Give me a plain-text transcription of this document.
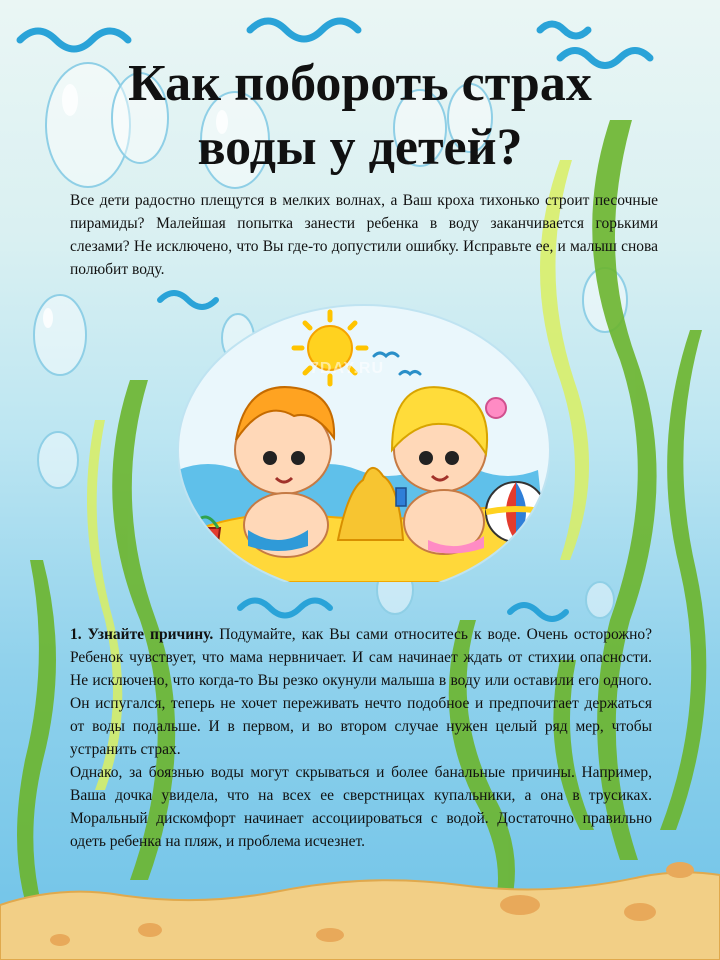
Как побороть страх
воды у детей?

Все дети радостно плещутся в мелких волнах, а Ваш кроха тихонько строит песочные пирамиды? Малейшая попытка занести ребенка в воду заканчивается горькими слезами? Не исключено, что Вы где-то допустили ошибку. Исправьте ее, и малыш снова полюбит воду.

7DAY.RU

1. Узнайте причину. Подумайте, как Вы сами относитесь к воде. Очень осторожно? Ребенок чувствует, что мама нервничает. И сам начинает ждать от стихии опасности. Не исключено, что когда-то Вы резко окунули малыша в воду или оставили его одного. Он испугался, теперь не хочет переживать нечто подобное и предпочитает держаться от воды подальше. И в первом, и во втором случае нужен целый ряд мер, чтобы устранить страх.

Однако, за боязнью воды могут скрываться и более банальные причины. Например, Ваша дочка увидела, что на всех ее сверстницах купальники, а она в трусиках. Моральный дискомфорт начинает ассоциироваться с водой. Достаточно правильно одеть ребенка на пляж, и проблема исчезнет.
